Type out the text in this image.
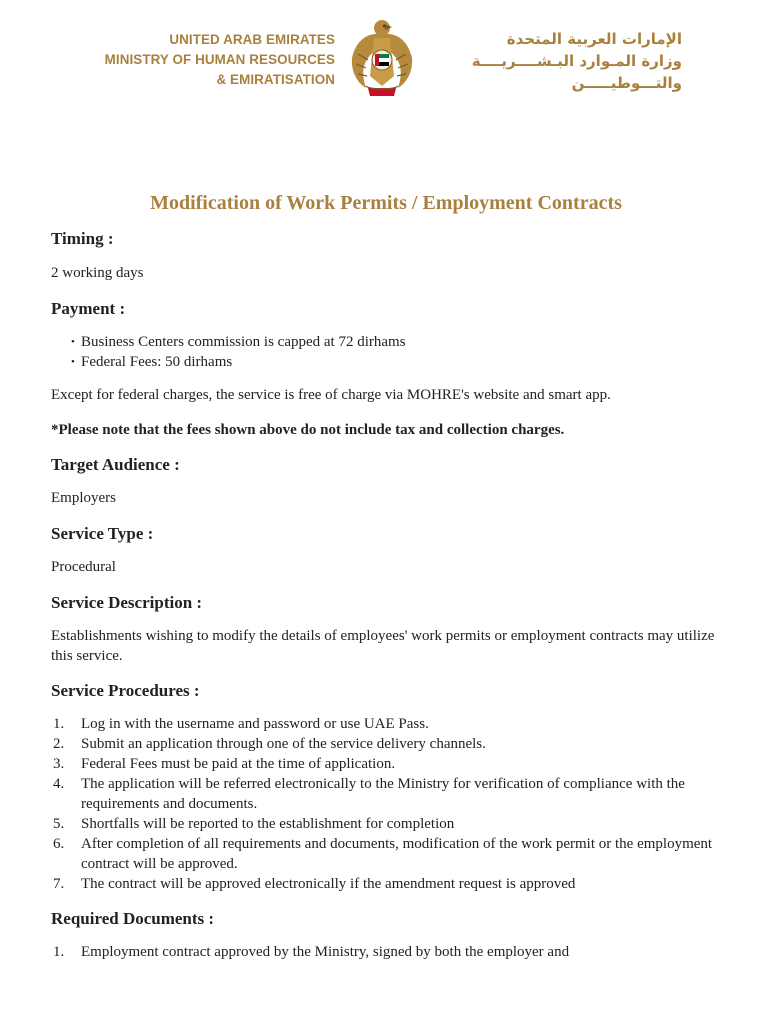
UNITED ARAB EMIRATES
MINISTRY OF HUMAN RESOURCES
& EMIRATISATION
الإمارات العربية المتحدة
وزارة المـوارد البـشــــريــــة
والتـــوطيـــــن
Modification of Work Permits / Employment Contracts
Timing :

2 working days

Payment :
• Business Centers commission is capped at 72 dirhams
• Federal Fees: 50 dirhams

Except for federal charges, the service is free of charge via MOHRE's website and smart app.

*Please note that the fees shown above do not include tax and collection charges.

Target Audience :

Employers

Service Type :

Procedural

Service Description :

Establishments wishing to modify the details of employees' work permits or employment contracts may utilize this service.

Service Procedures :
1. Log in with the username and password or use UAE Pass.
2. Submit an application through one of the service delivery channels.
3. Federal Fees must be paid at the time of application.
4. The application will be referred electronically to the Ministry for verification of compliance with the requirements and documents.
5. Shortfalls will be reported to the establishment for completion
6. After completion of all requirements and documents, modification of the work permit or the employment contract will be approved.
7. The contract will be approved electronically if the amendment request is approved
Required Documents :
1. Employment contract approved by the Ministry, signed by both the employer and
